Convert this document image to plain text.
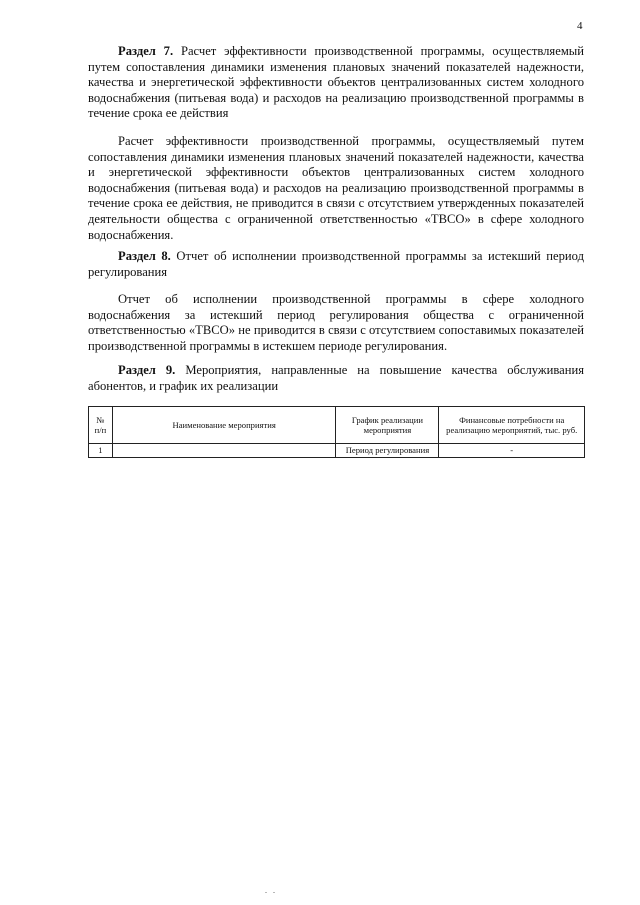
4

Раздел 7. Расчет эффективности производственной программы, осуществляемый путем сопоставления динамики изменения плановых значений показателей надежности, качества и энергетической эффективности объектов централизованных систем холодного водоснабжения (питьевая вода) и расходов на реализацию производственной программы в течение срока ее действия

Расчет эффективности производственной программы, осуществляемый путем сопоставления динамики изменения плановых значений показателей надежности, качества и энергетической эффективности объектов централизованных систем холодного водоснабжения (питьевая вода) и расходов на реализацию производственной программы в течение срока ее действия, не приводится в связи с отсутствием утвержденных показателей деятельности общества с ограниченной ответственностью «ТВСО» в сфере холодного водоснабжения.

Раздел 8. Отчет об исполнении производственной программы за истекший период регулирования

Отчет об исполнении производственной программы в сфере холодного водоснабжения за истекший период регулирования общества с ограниченной ответственностью «ТВСО» не приводится в связи с отсутствием сопоставимых показателей производственной программы в истекшем периоде регулирования.

Раздел 9. Мероприятия, направленные на повышение качества обслуживания абонентов, и график их реализации

№ п/п	Наименование мероприятия	График реализации мероприятия	Финансовые потребности на реализацию мероприятий, тыс. руб.
1		Период регулирования	-
. .
